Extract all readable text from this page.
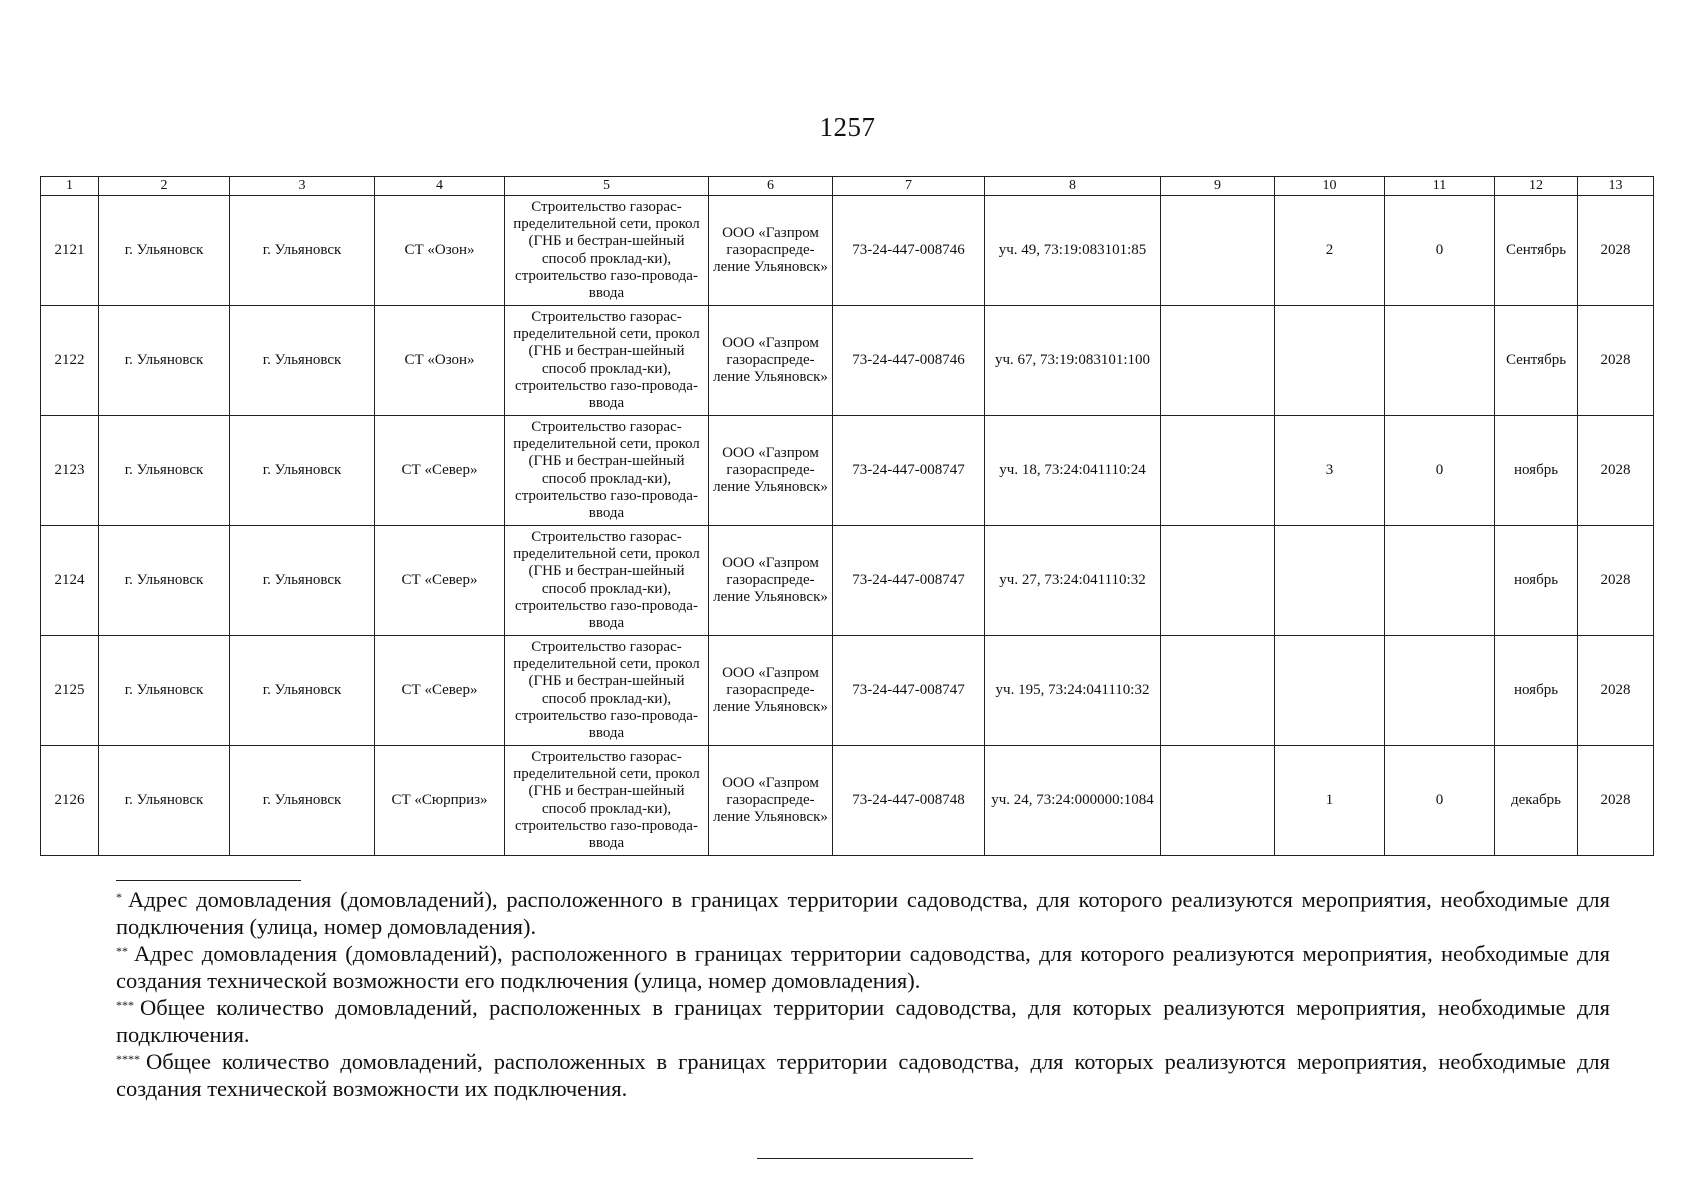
1257
1	2	3	4	5	6	7	8	9	10	11	12	13
2121	г. Ульяновск	г. Ульяновск	СТ «Озон»	Строительство газорас-пределительной сети, прокол (ГНБ и бестран-шейный способ проклад-ки), строительство газо-провода-ввода	ООО «Газпром газораспреде-ление Ульяновск»	73-24-447-008746	уч. 49, 73:19:083101:85		2	0	Сентябрь	2028
2122	г. Ульяновск	г. Ульяновск	СТ «Озон»	Строительство газорас-пределительной сети, прокол (ГНБ и бестран-шейный способ проклад-ки), строительство газо-провода-ввода	ООО «Газпром газораспреде-ление Ульяновск»	73-24-447-008746	уч. 67, 73:19:083101:100				Сентябрь	2028
2123	г. Ульяновск	г. Ульяновск	СТ «Север»	Строительство газорас-пределительной сети, прокол (ГНБ и бестран-шейный способ проклад-ки), строительство газо-провода-ввода	ООО «Газпром газораспреде-ление Ульяновск»	73-24-447-008747	уч. 18, 73:24:041110:24		3	0	ноябрь	2028
2124	г. Ульяновск	г. Ульяновск	СТ «Север»	Строительство газорас-пределительной сети, прокол (ГНБ и бестран-шейный способ проклад-ки), строительство газо-провода-ввода	ООО «Газпром газораспреде-ление Ульяновск»	73-24-447-008747	уч. 27, 73:24:041110:32				ноябрь	2028
2125	г. Ульяновск	г. Ульяновск	СТ «Север»	Строительство газорас-пределительной сети, прокол (ГНБ и бестран-шейный способ проклад-ки), строительство газо-провода-ввода	ООО «Газпром газораспреде-ление Ульяновск»	73-24-447-008747	уч. 195, 73:24:041110:32				ноябрь	2028
2126	г. Ульяновск	г. Ульяновск	СТ «Сюрприз»	Строительство газорас-пределительной сети, прокол (ГНБ и бестран-шейный способ проклад-ки), строительство газо-провода-ввода	ООО «Газпром газораспреде-ление Ульяновск»	73-24-447-008748	уч. 24, 73:24:000000:1084		1	0	декабрь	2028

* Адрес домовладения (домовладений), расположенного в границах территории садоводства, для которого реализуются мероприятия, необходимые для подключения (улица, номер домовладения).

** Адрес домовладения (домовладений), расположенного в границах территории садоводства, для которого реализуются мероприятия, необходимые для создания технической возможности его подключения (улица, номер домовладения).

*** Общее количество домовладений, расположенных в границах территории садоводства, для которых реализуются мероприятия, необходимые для подключения.

**** Общее количество домовладений, расположенных в границах территории садоводства, для которых реализуются мероприятия, необходимые для создания технической возможности их подключения.
